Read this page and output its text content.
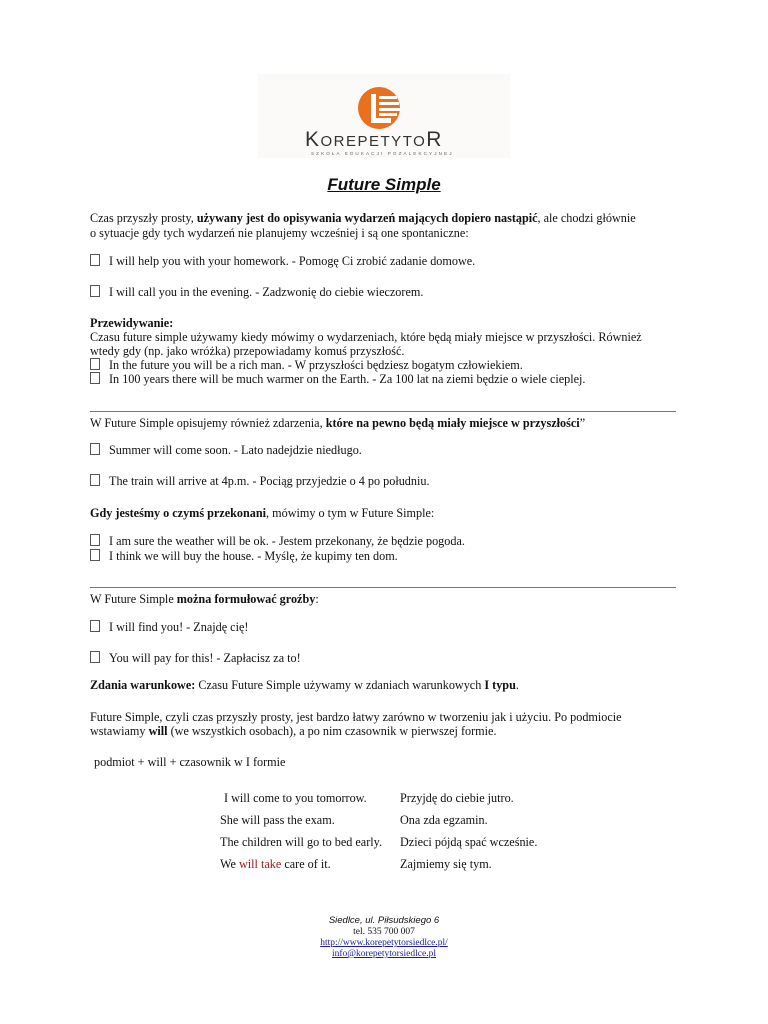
KorepetytoR
SZKOŁA EDUKACJI POZALEKCYJNEJ
Future Simple
Czas przyszły prosty, używany jest do opisywania wydarzeń mających dopiero nastąpić, ale chodzi głównie
o sytuacje gdy tych wydarzeń nie planujemy wcześniej i są one spontaniczne:
I will help you with your homework. - Pomogę Ci zrobić zadanie domowe.
I will call you in the evening. - Zadzwonię do ciebie wieczorem.
Przewidywanie:
Czasu future simple używamy kiedy mówimy o wydarzeniach, które będą miały miejsce w przyszłości. Również
wtedy gdy (np. jako wróżka) przepowiadamy komuś przyszłość.
In the future you will be a rich man. - W przyszłości będziesz bogatym człowiekiem.
In 100 years there will be much warmer on the Earth. - Za 100 lat na ziemi będzie o wiele cieplej.
W Future Simple opisujemy również zdarzenia, które na pewno będą miały miejsce w przyszłości”
Summer will come soon. - Lato nadejdzie niedługo.
The train will arrive at 4p.m. - Pociąg przyjedzie o 4 po południu.
Gdy jesteśmy o czymś przekonani, mówimy o tym w Future Simple:
I am sure the weather will be ok. - Jestem przekonany, że będzie pogoda.
I think we will buy the house. - Myślę, że kupimy ten dom.
W Future Simple można formułować groźby:
I will find you! - Znajdę cię!
You will pay for this! - Zapłacisz za to!
Zdania warunkowe: Czasu Future Simple używamy w zdaniach warunkowych I typu.
Future Simple, czyli czas przyszły prosty, jest bardzo łatwy zarówno w tworzeniu jak i użyciu. Po podmiocie
wstawiamy will (we wszystkich osobach), a po nim czasownik w pierwszej formie.
podmiot + will + czasownik w I formie
I will come to you tomorrow.	Przyjdę do ciebie jutro.
She will pass the exam.	Ona zda egzamin.
The children will go to bed early. Dzieci pójdą spać wcześnie.
We will take care of it.	Zajmiemy się tym.
Siedlce, ul. Piłsudskiego 6
tel. 535 700 007
http://www.korepetytorsiedlce.pl/
info@korepetytorsiedlce.pl
